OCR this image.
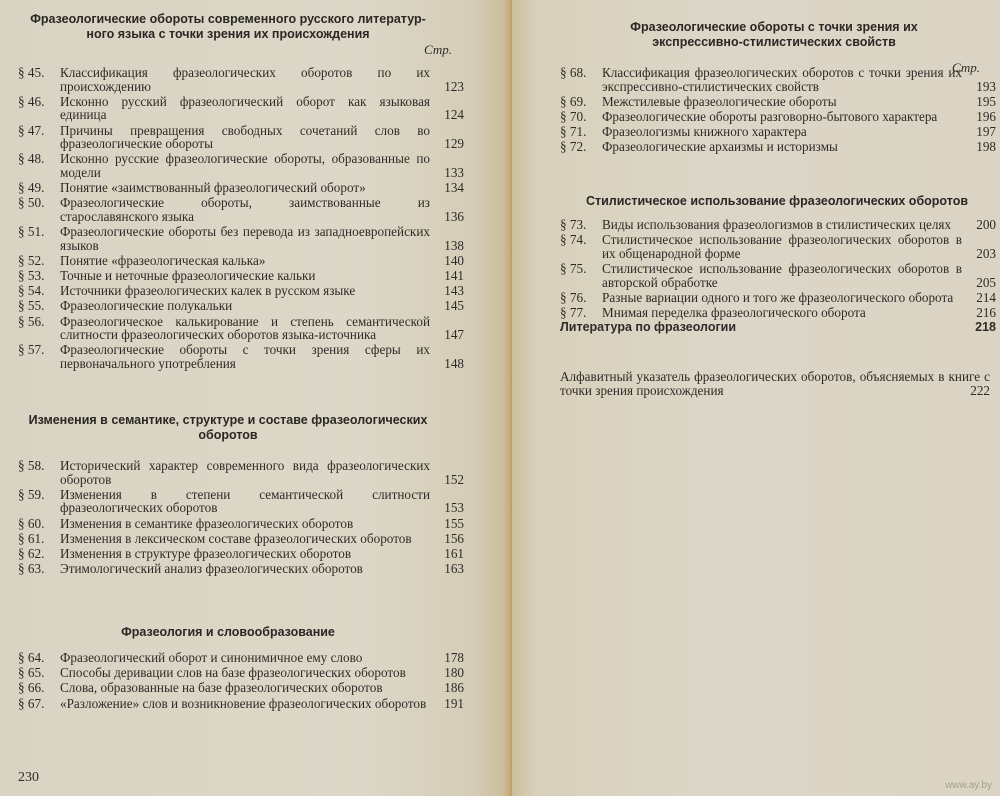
Фразеологические обороты современного русского литератур-
ного языка с точки зрения их происхождения
Стр.
§ 45. Классификация фразеологических оборотов по их происхождению	123
§ 46. Исконно русский фразеологический оборот как языковая единица	124
§ 47. Причины превращения свободных сочетаний слов во фразеологические обороты	129
§ 48. Исконно русские фразеологические обороты, образованные по модели	133
§ 49. Понятие «заимствованный фразеологический оборот»	134
§ 50. Фразеологические обороты, заимствованные из старославянского языка	136
§ 51. Фразеологические обороты без перевода из западноевропейских языков	138
§ 52. Понятие «фразеологическая калька»	140
§ 53. Точные и неточные фразеологические кальки	141
§ 54. Источники фразеологических калек в русском языке	143
§ 55. Фразеологические полукальки	145
§ 56. Фразеологическое калькирование и степень семантической слитности фразеологических оборотов языка-источника	147
§ 57. Фразеологические обороты с точки зрения сферы их первоначального употребления	148
Изменения в семантике, структуре и составе фразеологических
оборотов
§ 58. Исторический характер современного вида фразеологических оборотов	152
§ 59. Изменения в степени семантической слитности фразеологических оборотов	153
§ 60. Изменения в семантике фразеологических оборотов	155
§ 61. Изменения в лексическом составе фразеологических оборотов 156
§ 62. Изменения в структуре фразеологических оборотов	161
§ 63. Этимологический анализ фразеологических оборотов	163
Фразеология и словообразование
§ 64. Фразеологический оборот и синонимичное ему слово	178
§ 65. Способы деривации слов на базе фразеологических оборотов	180
§ 66. Слова, образованные на базе фразеологических оборотов	186
§ 67. «Разложение» слов и возникновение фразеологических оборотов 191
230
Фразеологические обороты с точки зрения их
экспрессивно-стилистических свойств
Стр.
§ 68. Классификация фразеологических оборотов с точки зрения их экспрессивно-стилистических свойств	193
§ 69. Межстилевые фразеологические обороты	195
§ 70. Фразеологические обороты разговорно-бытового характера	196
§ 71. Фразеологизмы книжного характера	197
§ 72. Фразеологические архаизмы и историзмы	198
Стилистическое использование фразеологических оборотов
§ 73. Виды использования фразеологизмов в стилистических целях 200
§ 74. Стилистическое использование фразеологических оборотов в их общенародной форме	203
§ 75. Стилистическое использование фразеологических оборотов в авторской обработке	205
§ 76. Разные вариации одного и того же фразеологического оборота 214
§ 77. Мнимая переделка фразеологического оборота	216
Литература по фразеологии	218
Алфавитный указатель фразеологических оборотов, объясняемых в книге с точки зрения происхождения	222
www.ay.by
